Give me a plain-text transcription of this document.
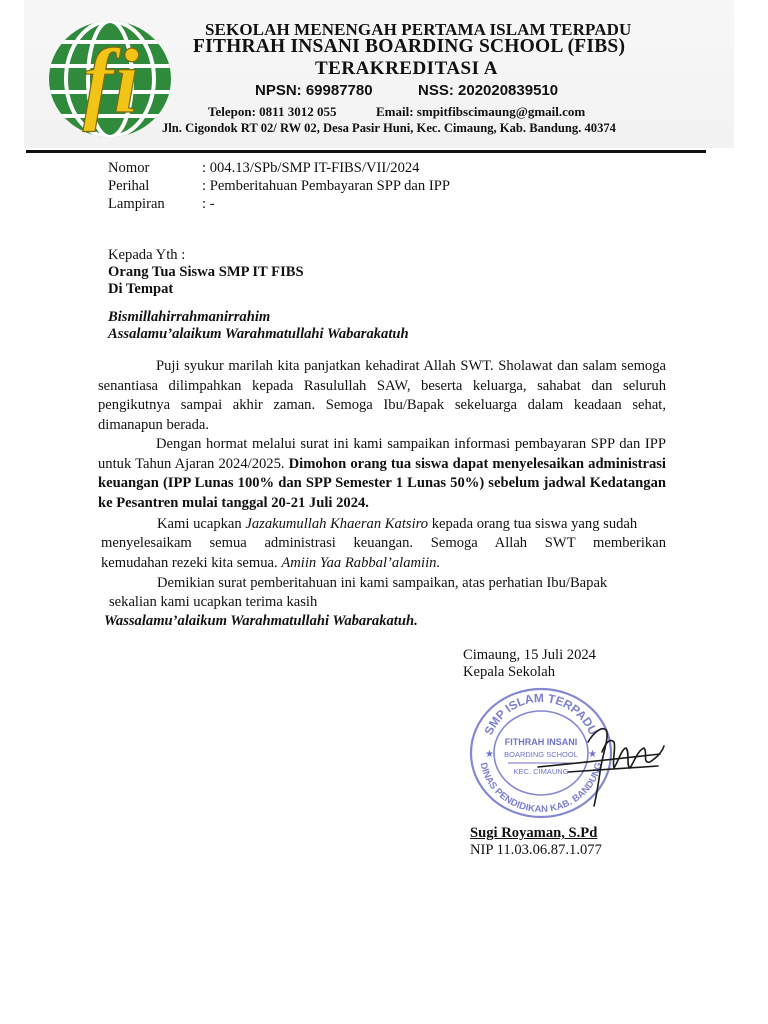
fi
SEKOLAH MENENGAH PERTAMA ISLAM TERPADU
FITHRAH INSANI BOARDING SCHOOL (FIBS)
TERAKREDITASI A
NPSN: 69987780	NSS: 202020839510
Telepon: 0811 3012 055	Email: smpitfibscimaung@gmail.com
Jln. Cigondok RT 02/ RW 02, Desa Pasir Huni, Kec. Cimaung, Kab. Bandung. 40374
Nomor	: 004.13/SPb/SMP IT-FIBS/VII/2024
Perihal	: Pemberitahuan Pembayaran SPP dan IPP
Lampiran	: -
Kepada Yth :
Orang Tua Siswa SMP IT FIBS
Di Tempat
Bismillahirrahmanirrahim
Assalamu’alaikum Warahmatullahi Wabarakatuh
Puji syukur marilah kita panjatkan kehadirat Allah SWT. Sholawat dan salam semoga senantiasa dilimpahkan kepada Rasulullah SAW, beserta keluarga, sahabat dan seluruh pengikutnya sampai akhir zaman. Semoga Ibu/Bapak sekeluarga dalam keadaan sehat, dimanapun berada.
Dengan hormat melalui surat ini kami sampaikan informasi pembayaran SPP dan IPP untuk Tahun Ajaran 2024/2025. Dimohon orang tua siswa dapat menyelesaikan administrasi keuangan (IPP Lunas 100% dan SPP Semester 1 Lunas 50%) sebelum jadwal Kedatangan ke Pesantren mulai tanggal 20-21 Juli 2024.
Kami ucapkan Jazakumullah Khaeran Katsiro kepada orang tua siswa yang sudah
menyelesaikam semua administrasi keuangan. Semoga Allah SWT memberikan
kemudahan rezeki kita semua. Amiin Yaa Rabbal’alamiin.
Demikian surat pemberitahuan ini kami sampaikan, atas perhatian Ibu/Bapak
sekalian kami ucapkan terima kasih
Wassalamu’alaikum Warahmatullahi Wabarakatuh.
Cimaung, 15 Juli 2024
Kepala Sekolah
SMP ISLAM TERPADU
DINAS PENDIDIKAN KAB. BANDUNG
FITHRAH INSANI
BOARDING SCHOOL
KEC. CIMAUNG
★	★
Sugi Royaman, S.Pd
NIP 11.03.06.87.1.077
